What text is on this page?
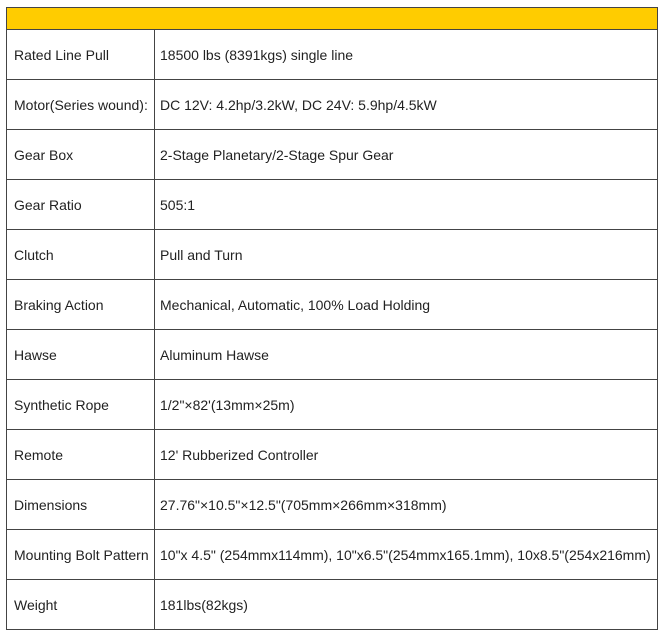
Rated Line Pull	18500 lbs (8391kgs) single line
Motor(Series wound):	DC 12V: 4.2hp/3.2kW, DC 24V: 5.9hp/4.5kW
Gear Box	2-Stage Planetary/2-Stage Spur Gear
Gear Ratio	505:1
Clutch	Pull and Turn
Braking Action	Mechanical, Automatic, 100% Load Holding
Hawse	Aluminum Hawse
Synthetic Rope	1/2"×82'(13mm×25m)
Remote	12' Rubberized Controller
Dimensions	27.76"×10.5"×12.5"(705mm×266mm×318mm)
Mounting Bolt Pattern	10"x 4.5" (254mmx114mm), 10"x6.5"(254mmx165.1mm), 10x8.5"(254x216mm)
Weight	181lbs(82kgs)
